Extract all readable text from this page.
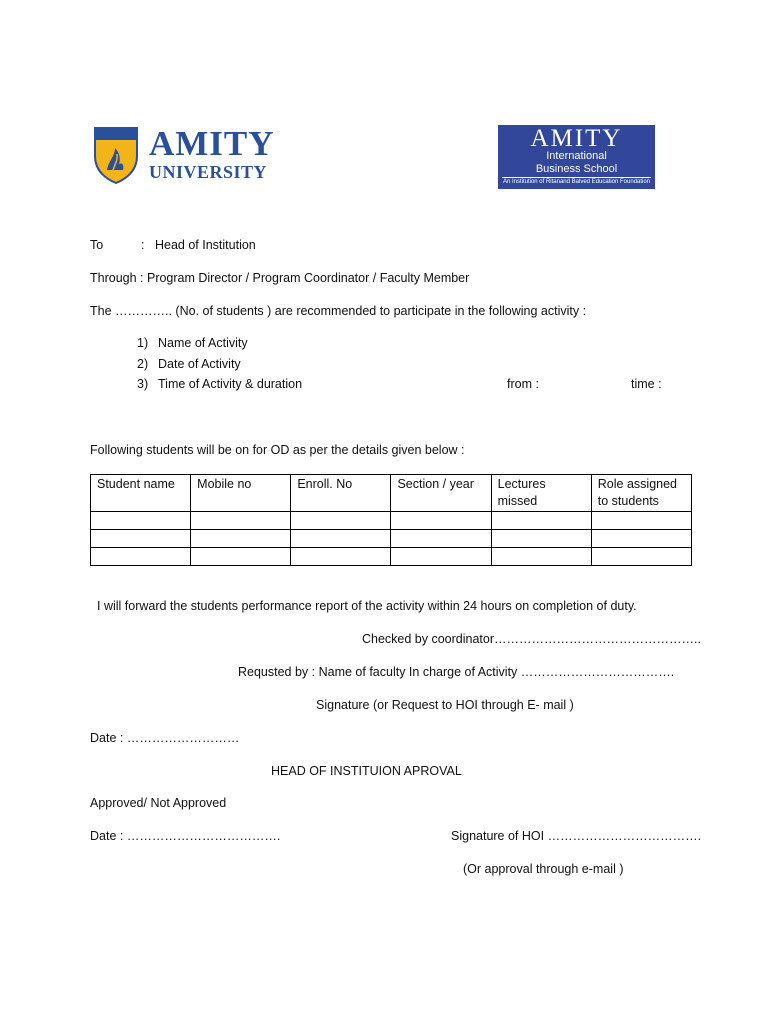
AMITY
UNIVERSITY
AMITY
International
Business School
An Institution of Ritanand Balved Education Foundation
To	: Head of Institution
Through : Program Director / Program Coordinator / Faculty Member
The ………….. (No. of students ) are recommended to participate in the following activity :
1) Name of Activity
2) Date of Activity
3) Time of Activity & duration	from :	time :
Following students will be on for OD as per the details given below :
Student name	Mobile no	Enroll. No	Section / year	Lectures missed	Role assigned to students

I will forward the students performance report of the activity within 24 hours on completion of duty.
Checked by coordinator…………………………………………..
Requsted by : Name of faculty In charge of Activity ……………………………….
Signature (or Request to HOI through E- mail )
Date : ………………………
HEAD OF INSTITUION APROVAL
Approved/ Not Approved
Date : ……………………………….	Signature of HOI ……………………………….
(Or approval through e-mail )
